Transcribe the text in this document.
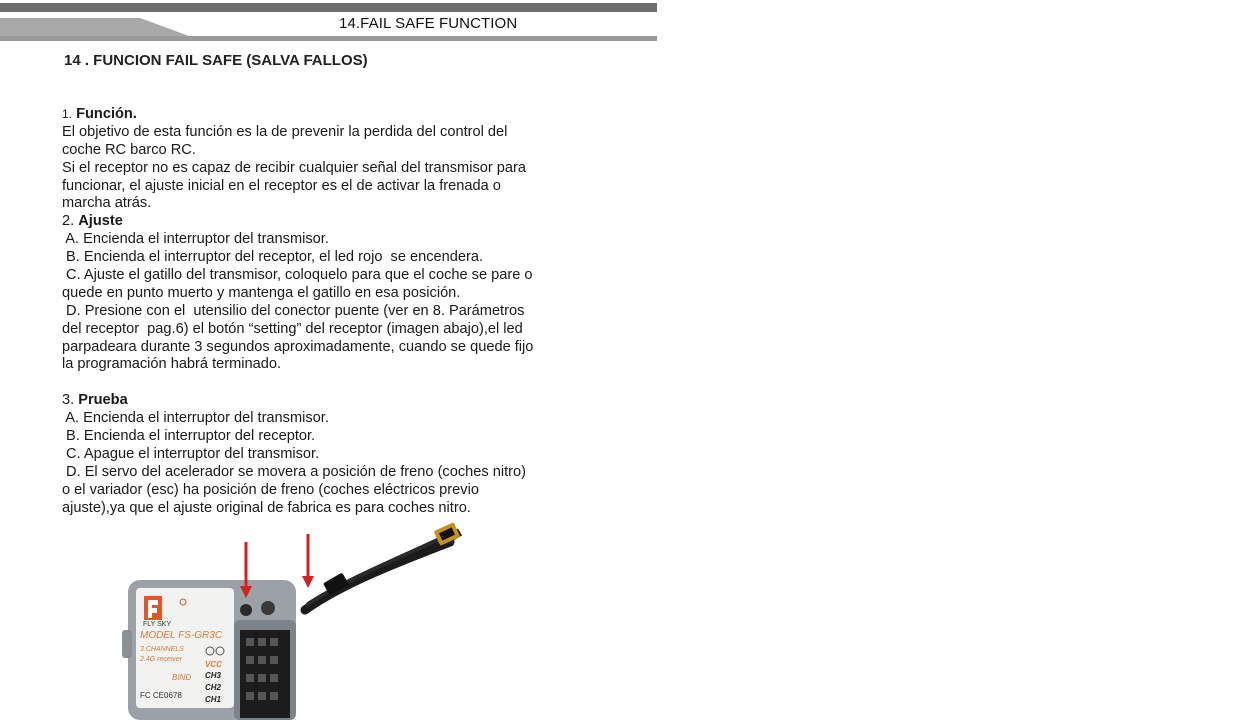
14.FAIL SAFE FUNCTION
14 . FUNCION FAIL SAFE (SALVA FALLOS)
1. Función.
El objetivo de esta función es la de prevenir la perdida del control del
coche RC barco RC.
Si el receptor no es capaz de recibir cualquier señal del transmisor para
funcionar, el ajuste inicial en el receptor es el de activar la frenada o
marcha atrás.
2. Ajuste
A. Encienda el interruptor del transmisor.
B. Encienda el interruptor del receptor, el led rojo  se encendera.
C. Ajuste el gatillo del transmisor, coloquelo para que el coche se pare o
quede en punto muerto y mantenga el gatillo en esa posición.
D. Presione con el  utensilio del conector puente (ver en 8. Parámetros
del receptor  pag.6) el botón “setting” del receptor (imagen abajo),el led
parpadeara durante 3 segundos aproximadamente, cuando se quede fijo
la programación habrá terminado.
3. Prueba
A. Encienda el interruptor del transmisor.
B. Encienda el interruptor del receptor.
C. Apague el interruptor del transmisor.
D. El servo del acelerador se movera a posición de freno (coches nitro)
o el variador (esc) ha posición de freno (coches eléctricos previo
ajuste),ya que el ajuste original de fabrica es para coches nitro.
FLY SKY
MODEL FS-GR3C
3 CHANNELS
2.4G receiver
BIND
FC CE0678
VCC
CH3
CH2
CH1
